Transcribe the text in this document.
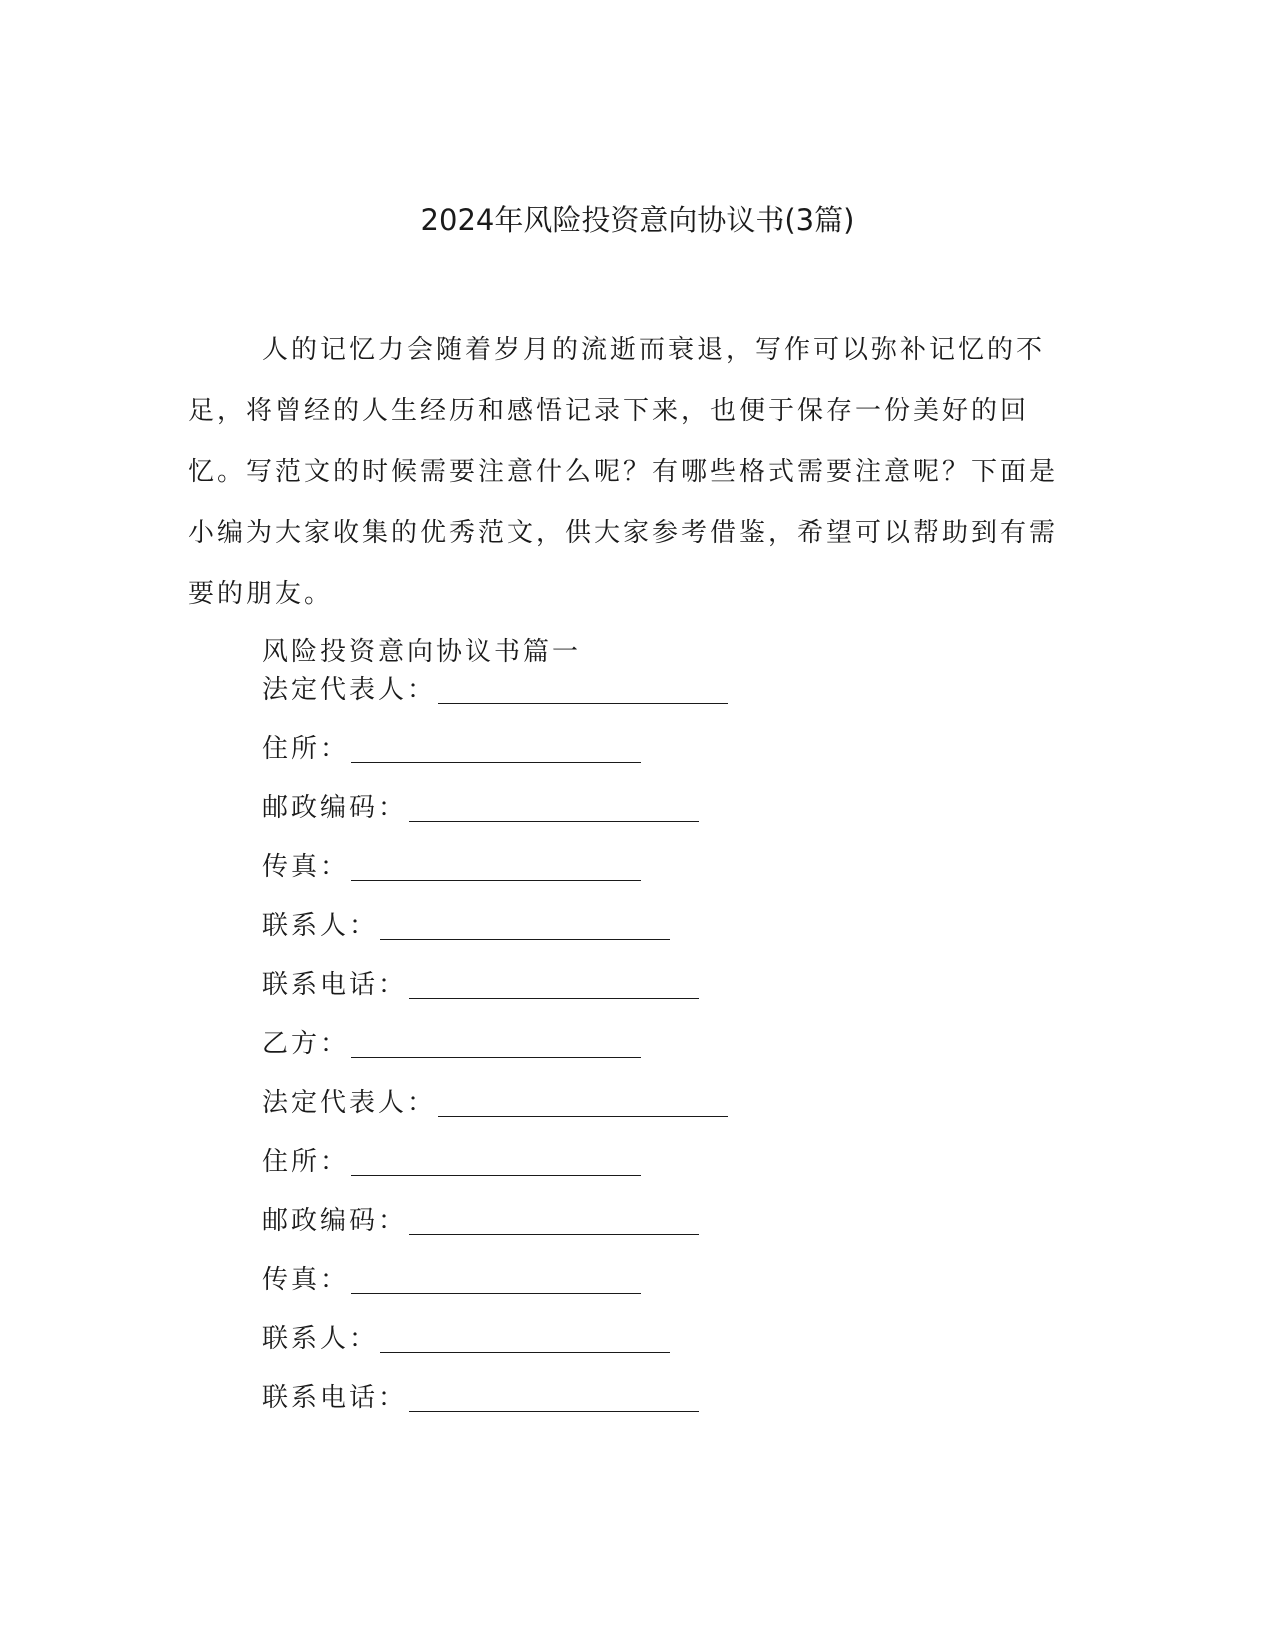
2024年风险投资意向协议书(3篇)

人的记忆力会随着岁月的流逝而衰退，写作可以弥补记忆的不足，将曾经的人生经历和感悟记录下来，也便于保存一份美好的回忆。写范文的时候需要注意什么呢？有哪些格式需要注意呢？下面是小编为大家收集的优秀范文，供大家参考借鉴，希望可以帮助到有需要的朋友。

风险投资意向协议书篇一
法定代表人：
住所：
邮政编码：
传真：
联系人：
联系电话：
乙方：
法定代表人：
住所：
邮政编码：
传真：
联系人：
联系电话：
